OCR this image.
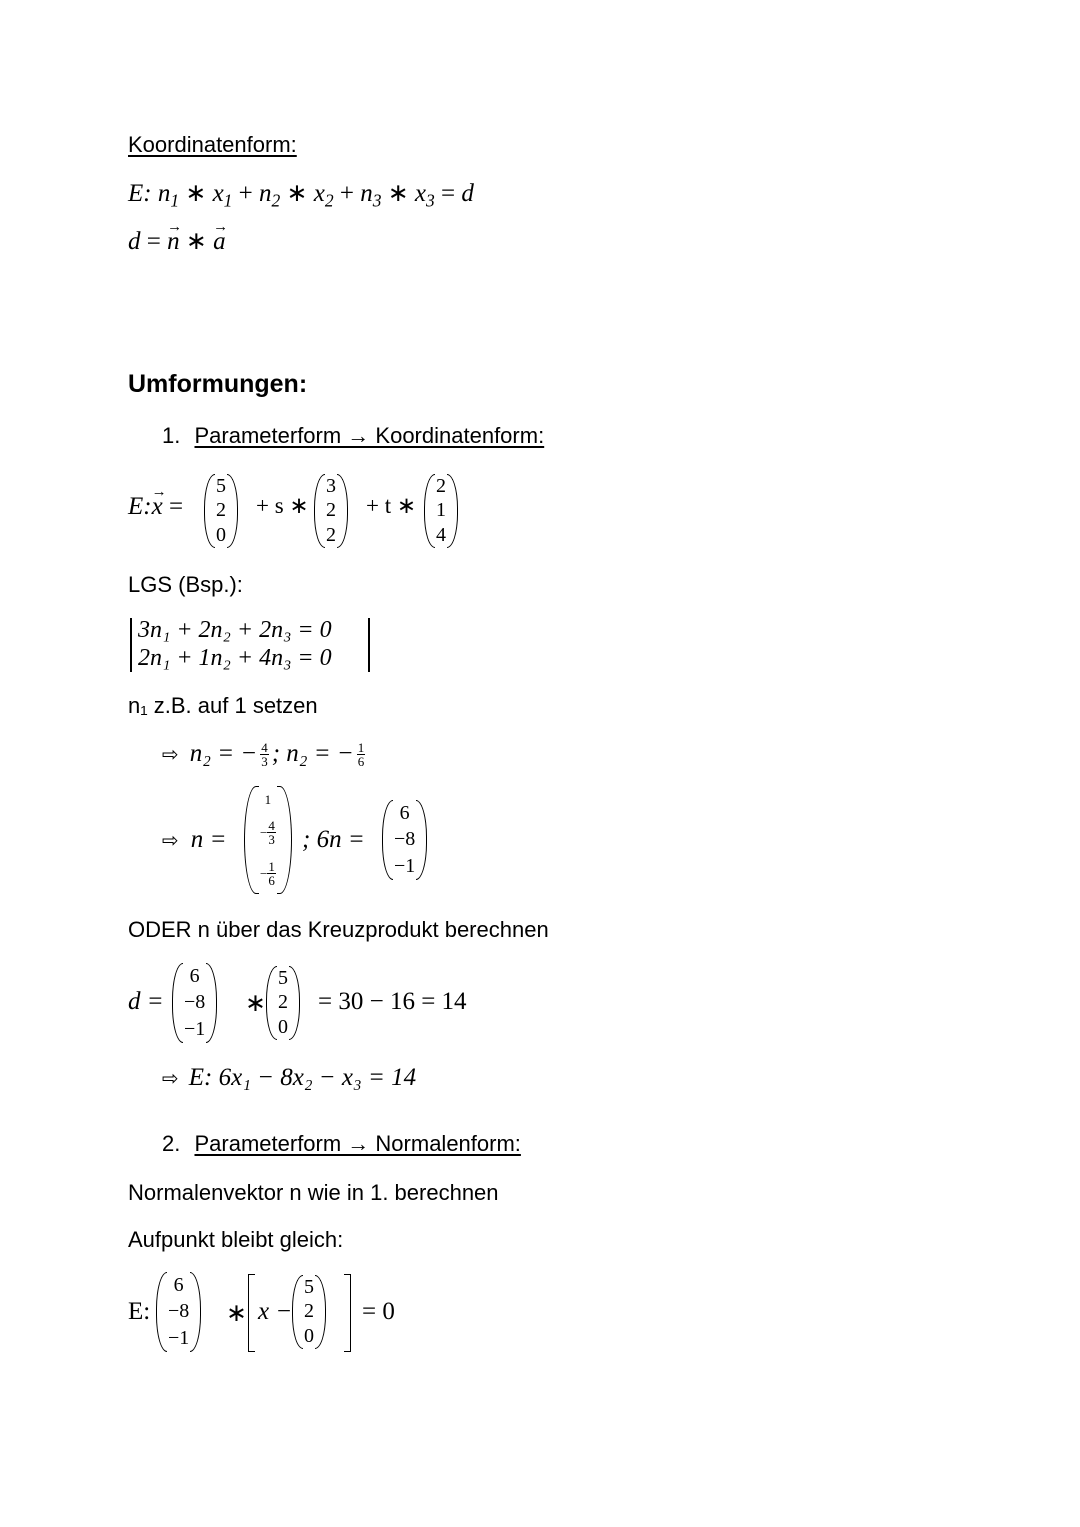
Koordinatenform:
E: $n_1$ ∗ $x_1 + n_2$ ∗ $x_2 + n_3$ ∗ $x_3 = d$
d = n → ∗ a →
Umformungen:
1. Parameterform → Koordinatenform:
E:x → =
5
2
0
+ s ∗
3
2
2
+ t ∗
2
1
4
LGS (Bsp.):
3n₁ + 2n₂ + 2n₃ = 0
2n₁ + 1n₂ + 4n₃ = 0
n₁ z.B. auf 1 setzen
⇨ n₂ = − $\frac{4}{3}$ ; n₂ = − $\frac{1}{6}$
⇨ n =
1
− $\frac{4}{3}$
− $\frac{1}{6}$
; 6n =
6
−8
−1
ODER n über das Kreuzprodukt berechnen
d =
6
−8
−1
∗
5
2
0
= 30 − 16 = 14
⇨ E: 6x₁ − 8x₂ − x₃ = 14
2. Parameterform → Normalenform:
Normalenvektor n wie in 1. berechnen
Aufpunkt bleibt gleich:
E:
6
−8
−1
∗ x −
5
2
0
= 0
